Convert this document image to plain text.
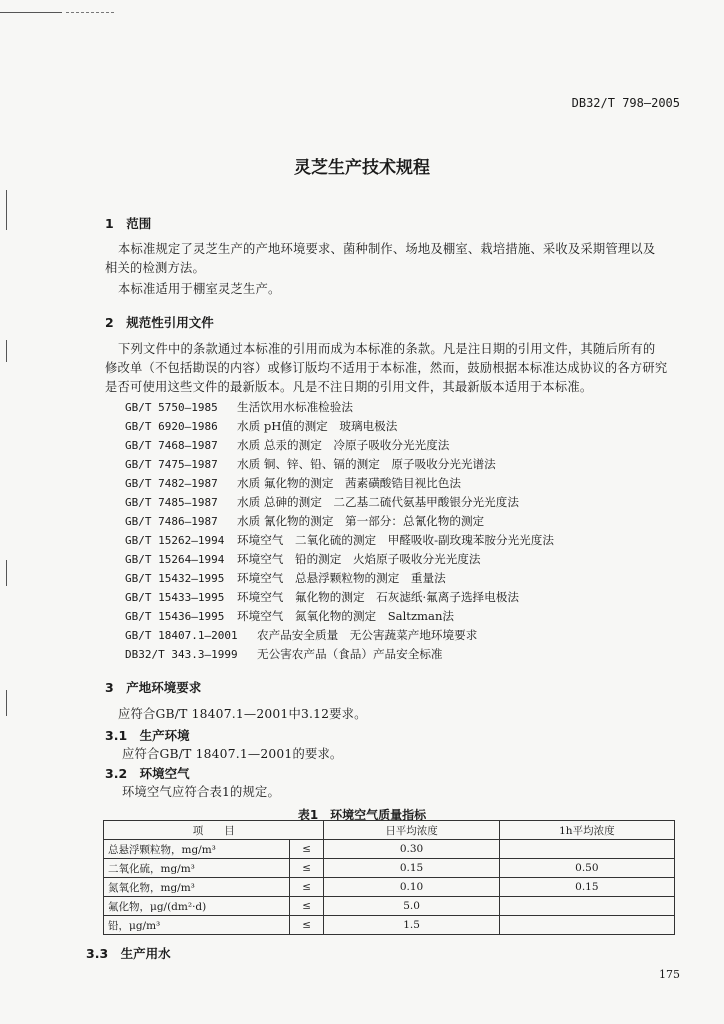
DB32/T 798—2005
灵芝生产技术规程
1　范围
本标准规定了灵芝生产的产地环境要求、菌种制作、场地及棚室、栽培措施、采收及采期管理以及
相关的检测方法。
本标准适用于棚室灵芝生产。
2　规范性引用文件
下列文件中的条款通过本标准的引用而成为本标准的条款。凡是注日期的引用文件，其随后所有的
修改单（不包括勘误的内容）或修订版均不适用于本标准，然而，鼓励根据本标准达成协议的各方研究
是否可使用这些文件的最新版本。凡是不注日期的引用文件，其最新版本适用于本标准。
GB/T 5750—1985 生活饮用水标准检验法
GB/T 6920—1986 水质 pH值的测定　玻璃电极法
GB/T 7468—1987 水质 总汞的测定　冷原子吸收分光光度法
GB/T 7475—1987 水质 铜、锌、铅、镉的测定　原子吸收分光光谱法
GB/T 7482—1987 水质 氟化物的测定　茜素磺酸锆目视比色法
GB/T 7485—1987 水质 总砷的测定　二乙基二硫代氨基甲酸银分光光度法
GB/T 7486—1987 水质 氰化物的测定　第一部分：总氰化物的测定
GB/T 15262—1994 环境空气　二氧化硫的测定　甲醛吸收-副玫瑰苯胺分光光度法
GB/T 15264—1994 环境空气　铅的测定　火焰原子吸收分光光度法
GB/T 15432—1995 环境空气　总悬浮颗粒物的测定　重量法
GB/T 15433—1995 环境空气　氟化物的测定　石灰滤纸·氟离子选择电极法
GB/T 15436—1995 环境空气　氮氧化物的测定　Saltzman法
GB/T 18407.1—2001 农产品安全质量　无公害蔬菜产地环境要求
DB32/T 343.3—1999 无公害农产品（食品）产品安全标准
3　产地环境要求
应符合GB/T 18407.1—2001中3.12要求。
3.1　生产环境
应符合GB/T 18407.1—2001的要求。
3.2　环境空气
环境空气应符合表1的规定。
表1　环境空气质量指标
项　　目		日平均浓度	1h平均浓度
总悬浮颗粒物，mg/m³	≤	0.30	
二氧化硫，mg/m³	≤	0.15	0.50
氮氧化物，mg/m³	≤	0.10	0.15
氟化物，μg/(dm²·d)	≤	5.0	
铅，μg/m³	≤	1.5	
3.3　生产用水
175
